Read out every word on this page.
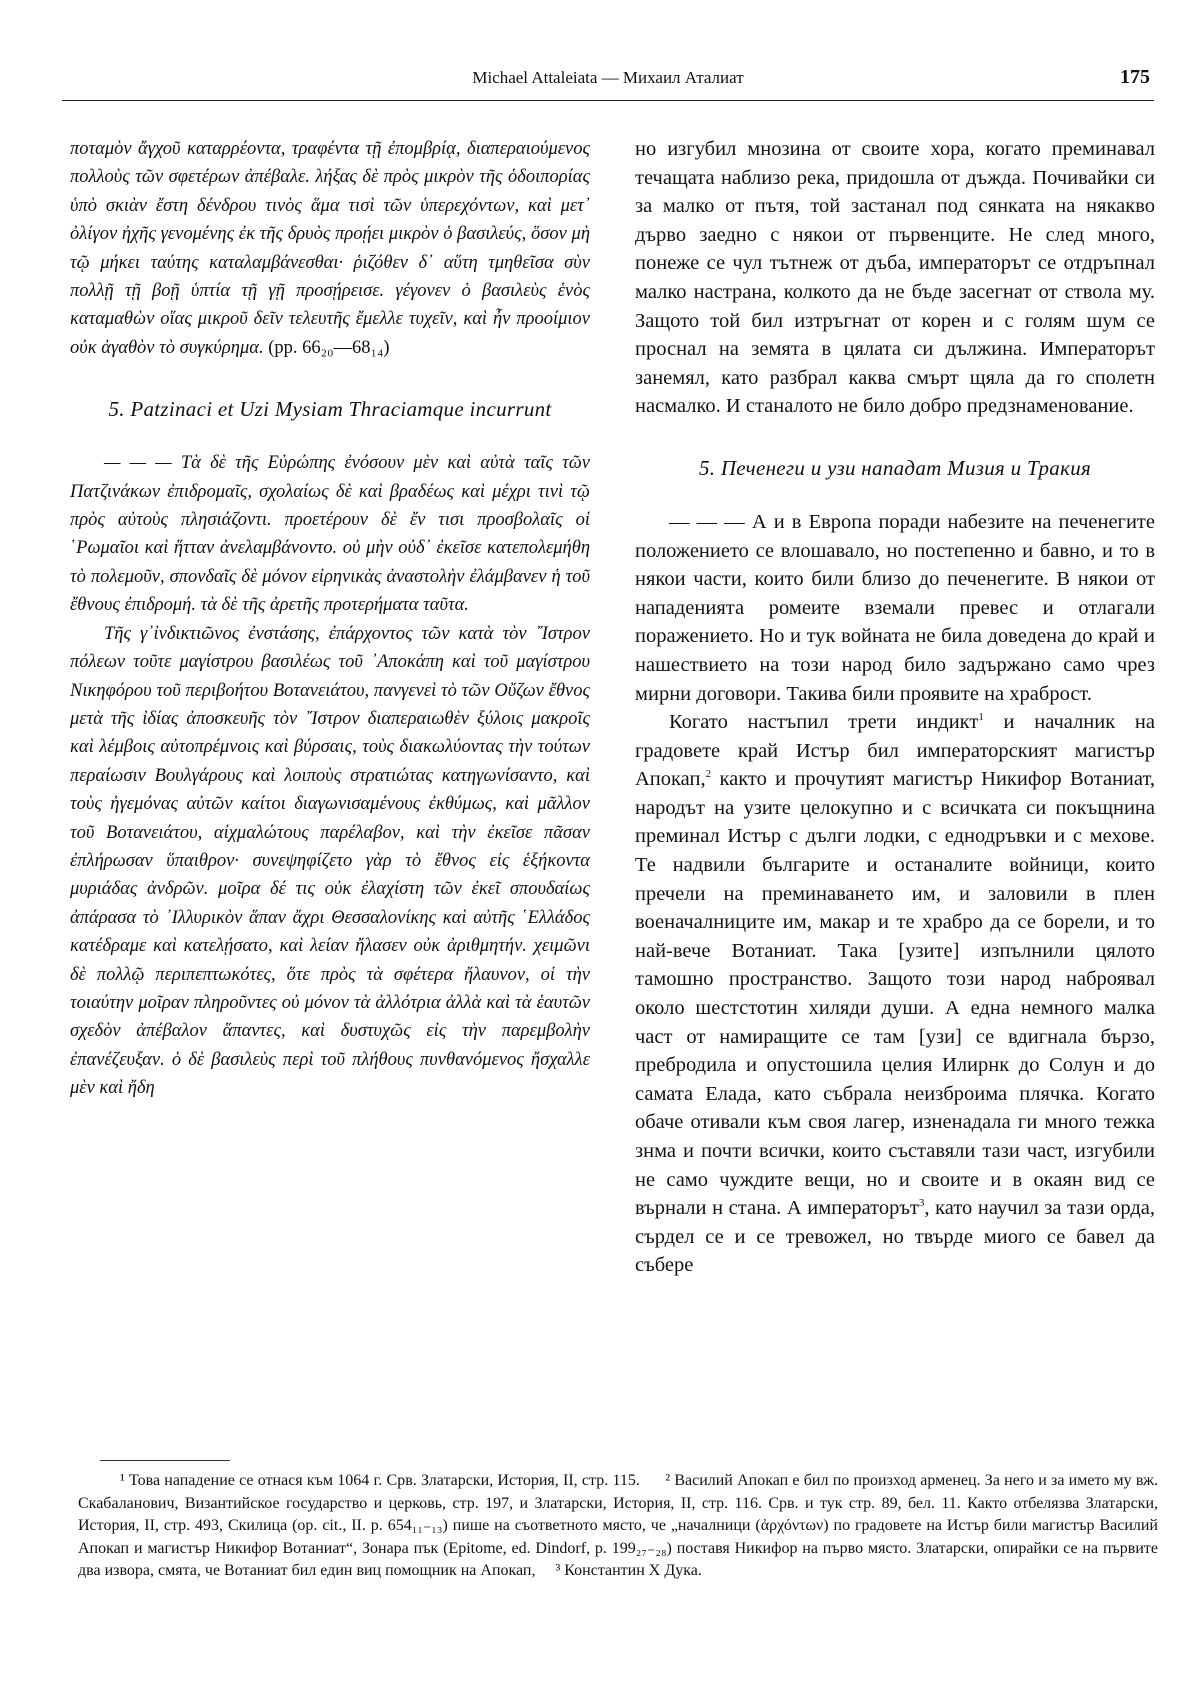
Michael Attaleiata — Михаил Аталиат	175

ποταμὸν ἄγχοῦ καταρρέοντα, τραφέντα τῇ ἐπομβρίᾳ, διαπεραιούμενος πολλοὺς τῶν σφετέρων ἀπέβαλε. λήξας δὲ πρὸς μικρὸν τῆς ὁδοιπορίας ὑπὸ σκιὰν ἔστη δένδρου τινὸς ἅμα τισὶ τῶν ὑπερεχόντων, καὶ μετ᾿ ὀλίγον ἠχῆς γενομένης ἐκ τῆς δρυὸς προῄει μικρὸν ὁ βασιλεύς, ὅσον μὴ τῷ μήκει ταύτης καταλαμβάνεσθαι· ῥιζόθεν δ᾿ αὕτη τμηθεῖσα σὺν πολλῇ τῇ βοῇ ὑπτία τῇ γῇ προσῄρεισε. γέγονεν ὁ βασιλεὺς ἑνὸς καταμαθὼν οἵας μικροῦ δεῖν τελευτῆς ἔμελλε τυχεῖν, καὶ ἦν προοίμιον οὐκ ἀγαθὸν τὸ συγκύρημα. (pp. 66₂₀—68₁₄)

5. Patzinaci et Uzi Mysiam Thraciamque incurrunt

— — — Τὰ δὲ τῆς Εὐρώπης ἐνόσουν μὲν καὶ αὐτὰ ταῖς τῶν Πατζινάκων ἐπιδρομαῖς, σχολαίως δὲ καὶ βραδέως καὶ μέχρι τινὶ τῷ πρὸς αὐτοὺς πλησιάζοντι. προετέρουν δὲ ἔν τισι προσβολαῖς οἱ ῾Ρωμαῖοι καὶ ἥτταν ἀνελαμβάνοντο. οὐ μὴν οὐδ᾿ ἐκεῖσε κατεπολεμήθη τὸ πολεμοῦν, σπονδαῖς δὲ μόνον εἰρηνικὰς ἀναστολὴν ἐλάμβανεν ἡ τοῦ ἔθνους ἐπιδρομή. τὰ δὲ τῆς ἀρετῆς προτερήματα ταῦτα.

Τῆς γ᾿ἰνδικτιῶνος ἐνστάσης, ἐπάρχοντος τῶν κατὰ τὸν ῎Ιστρον πόλεων τοῦτε μαγίστρου βασιλέως τοῦ ᾿Αποκάπη καὶ τοῦ μαγίστρου Νικηφόρου τοῦ περιβοήτου Βοτανειάτου, πανγενεὶ τὸ τῶν Οὔζων ἔθνος μετὰ τῆς ἰδίας ἀποσκευῆς τὸν ῎Ιστρον διαπεραιωθὲν ξύλοις μακροῖς καὶ λέμβοις αὐτοπρέμνοις καὶ βύρσαις, τοὺς διακωλύοντας τὴν τούτων περαίωσιν Βουλγάρους καὶ λοιποὺς στρατιώτας κατηγωνίσαντο, καὶ τοὺς ἡγεμόνας αὐτῶν καίτοι διαγωνισαμένους ἐκθύμως, καὶ μᾶλλον τοῦ Βοτανειάτου, αἰχμαλώτους παρέλαβον, καὶ τὴν ἐκεῖσε πᾶσαν ἐπλήρωσαν ὕπαιθρον· συνεψηφίζετο γὰρ τὸ ἔθνος εἰς ἑξήκοντα μυριάδας ἀνδρῶν. μοῖρα δέ τις οὐκ ἐλαχίστη τῶν ἐκεῖ σπουδαίως ἀπάρασα τὸ ᾿Ιλλυρικὸν ἅπαν ἄχρι Θεσσαλονίκης καὶ αὐτῆς ῾Ελλάδος κατέδραμε καὶ κατελῄσατο, καὶ λείαν ἤλασεν οὐκ ἀριθμητήν. χειμῶνι δὲ πολλῷ περιπεπτωκότες, ὅτε πρὸς τὰ σφέτερα ἤλαυνον, οἱ τὴν τοιαύτην μοῖραν πληροῦντες οὐ μόνον τὰ ἀλλότρια ἀλλὰ καὶ τὰ ἑαυτῶν σχεδὸν ἀπέβαλον ἅπαντες, καὶ δυστυχῶς εἰς τὴν παρεμβολὴν ἐπανέζευξαν. ὁ δὲ βασιλεὺς περὶ τοῦ πλήθους πυνθανόμενος ἤσχαλλε μὲν καὶ ἤδη

но изгубил мнозина от своите хора, когато преминавал течащата наблизо река, придошла от дъжда. Почивайки си за малко от пътя, той застанал под сянката на някакво дърво заедно с някои от първенците. Не след много, понеже се чул тътнеж от дъба, императорът се отдръпнал малко настрана, колкото да не бъде засегнат от ствола му. Защото той бил изтръгнат от корен и с голям шум се проснал на земята в цялата си дължина. Императорът занемял, като разбрал каква смърт щяла да го сполетн насмалко. И станалото не било добро предзнаменование.

5. Печенеги и узи нападат Мизия и Тракия

— — — А и в Европа поради набезите на печенегите положението се влошавало, но постепенно и бавно, и то в някои части, които били близо до печенегите. В някои от нападенията ромеите вземали превес и отлагали поражението. Но и тук войната не била доведена до край и нашествието на този народ било задържано само чрез мирни договори. Такива били проявите на храброст.

Когато настъпил трети индикт$^1$ и началник на градовете край Истър бил императорският магистър Апокап,$^2$ както и прочутият магистър Никифор Вотаниат, народът на узите целокупно и с всичката си покъщнина преминал Истър с дълги лодки, с еднодръвки и с мехове. Те надвили българите и останалите войници, които пречели на преминаването им, и заловили в плен военачалниците им, макар и те храбро да се борели, и то най-вече Вотаниат. Така [узите] изпълнили цялото тамошно пространство. Защото този народ наброявал около шестстотин хиляди души. А една немного малка част от намиращите се там [узи] се вдигнала бързо, пребродила и опустошила целия Илирнк до Солун и до самата Елада, като събрала неизброима плячка. Когато обаче отивали към своя лагер, изненадала ги много тежка знма и почти всички, които съставяли тази част, изгубили не само чуждите вещи, но и своите и в окаян вид се върнали н стана. А императорът$^3$, като научил за тази орда, сърдел се и се тревожел, но твърде миого се бавел да събере

¹ Това нападение се отнася към 1064 г. Срв. Златарски, История, II, стр. 115. ² Василий Апокап е бил по произход арменец. За него и за името му вж. Скабаланович, Византийское государство и церковь, стр. 197, и Златарски, История, II, стр. 116. Срв. и тук стр. 89, бел. 11. Както отбелязва Златарски, История, II, стр. 493, Скилица (op. cit., II. p. 654₁₁₋₁₃) пише на съответното място, че „началници (ἀρχόντων) по градовете на Истър били магистър Василий Апокап и магистър Никифор Вотаниат“, Зонара пък (Epitome, ed. Dindorf, p. 199₂₇₋₂₈) поставя Никифор на първо място. Златарски, опирайки се на първите два извора, смята, че Вотаниат бил един виц помощник на Апокап, ³ Константин Х Дука.
